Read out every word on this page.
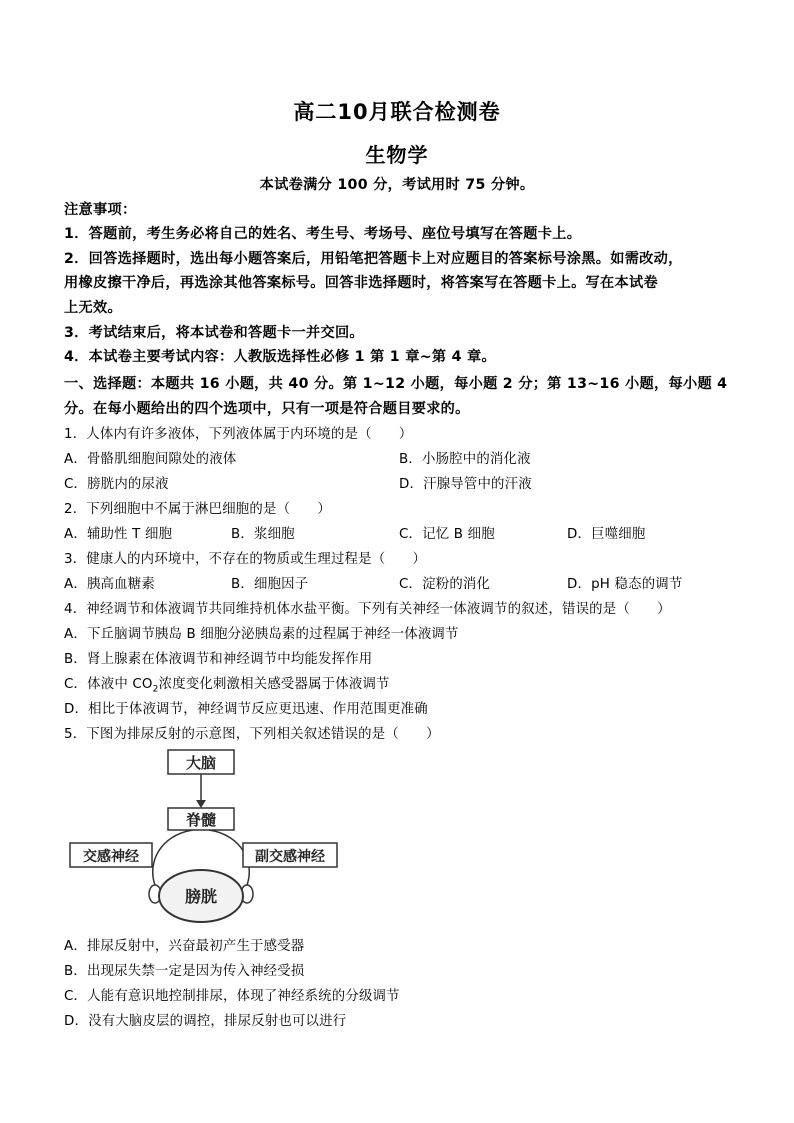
高二10月联合检测卷
生物学
本试卷满分 100 分，考试用时 75 分钟。
注意事项：
1．答题前，考生务必将自己的姓名、考生号、考场号、座位号填写在答题卡上。
2．回答选择题时，选出每小题答案后，用铅笔把答题卡上对应题目的答案标号涂黑。如需改动，
用橡皮擦干净后，再选涂其他答案标号。回答非选择题时，将答案写在答题卡上。写在本试卷
上无效。
3．考试结束后，将本试卷和答题卡一并交回。
4．本试卷主要考试内容：人教版选择性必修 1 第 1 章~第 4 章。
一、选择题：本题共 16 小题，共 40 分。第 1~12 小题，每小题 2 分；第 13~16 小题，每小题 4
分。在每小题给出的四个选项中，只有一项是符合题目要求的。
1．人体内有许多液体，下列液体属于内环境的是（　　）
A．骨骼肌细胞间隙处的液体	B．小肠腔中的消化液
C．膀胱内的尿液	D．汗腺导管中的汗液
2．下列细胞中不属于淋巴细胞的是（　　）
A．辅助性 T 细胞	B．浆细胞	C．记忆 B 细胞	D．巨噬细胞
3．健康人的内环境中，不存在的物质或生理过程是（　　）
A．胰高血糖素	B．细胞因子	C．淀粉的消化	D．pH 稳态的调节
4．神经调节和体液调节共同维持机体水盐平衡。下列有关神经一体液调节的叙述，错误的是（　　）
A．下丘脑调节胰岛 B 细胞分泌胰岛素的过程属于神经一体液调节
B．肾上腺素在体液调节和神经调节中均能发挥作用
C．体液中 $CO_2$浓度变化刺激相关感受器属于体液调节
D．相比于体液调节，神经调节反应更迅速、作用范围更准确
5．下图为排尿反射的示意图，下列相关叙述错误的是（　　）
大脑
脊髓
交感神经	副交感神经
膀胱
A．排尿反射中，兴奋最初产生于感受器
B．出现尿失禁一定是因为传入神经受损
C．人能有意识地控制排尿，体现了神经系统的分级调节
D．没有大脑皮层的调控，排尿反射也可以进行
